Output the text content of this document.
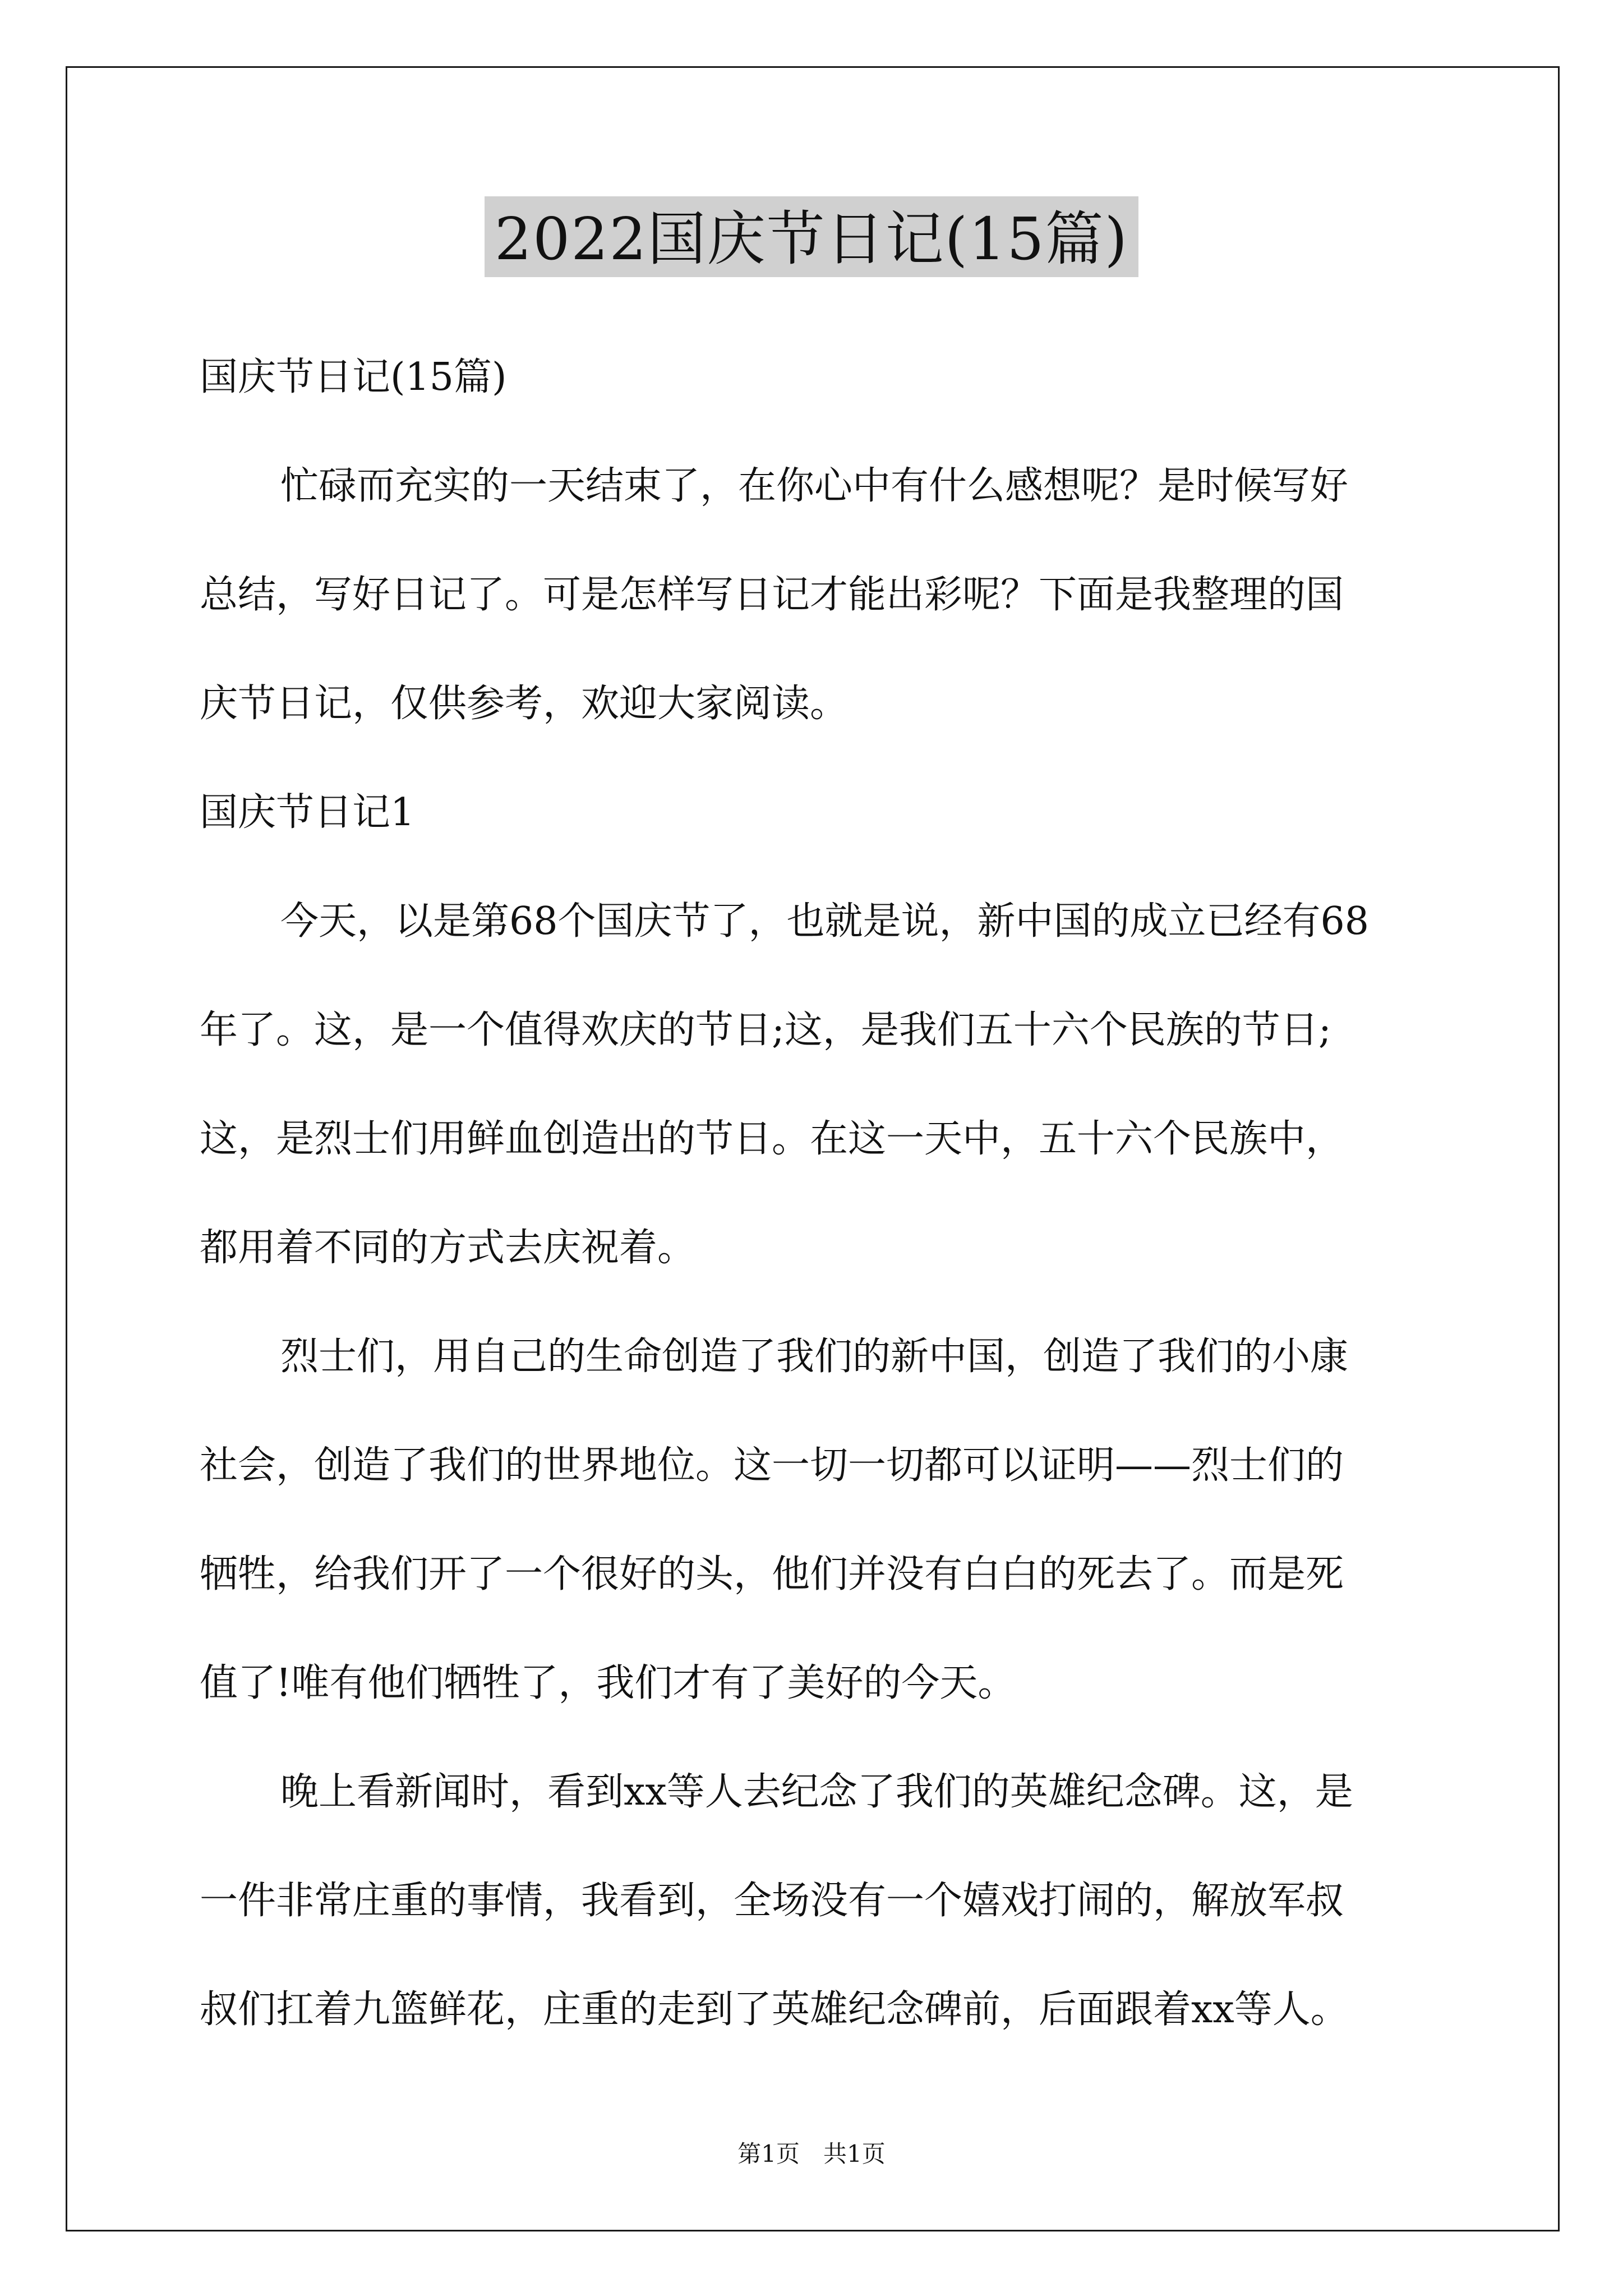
2022国庆节日记(15篇)
国庆节日记(15篇)
忙碌而充实的一天结束了，在你心中有什么感想呢？是时候写好
总结，写好日记了。可是怎样写日记才能出彩呢？下面是我整理的国
庆节日记，仅供参考，欢迎大家阅读。
国庆节日记1
今天，以是第68个国庆节了，也就是说，新中国的成立已经有68
年了。这，是一个值得欢庆的节日;这，是我们五十六个民族的节日;
这，是烈士们用鲜血创造出的节日。在这一天中，五十六个民族中，
都用着不同的方式去庆祝着。
烈士们，用自己的生命创造了我们的新中国，创造了我们的小康
社会，创造了我们的世界地位。这一切一切都可以证明——烈士们的
牺牲，给我们开了一个很好的头，他们并没有白白的死去了。而是死
值了!唯有他们牺牲了，我们才有了美好的今天。
晚上看新闻时，看到xx等人去纪念了我们的英雄纪念碑。这，是
一件非常庄重的事情，我看到，全场没有一个嬉戏打闹的，解放军叔
叔们扛着九篮鲜花，庄重的走到了英雄纪念碑前，后面跟着xx等人。
第1页　共1页
